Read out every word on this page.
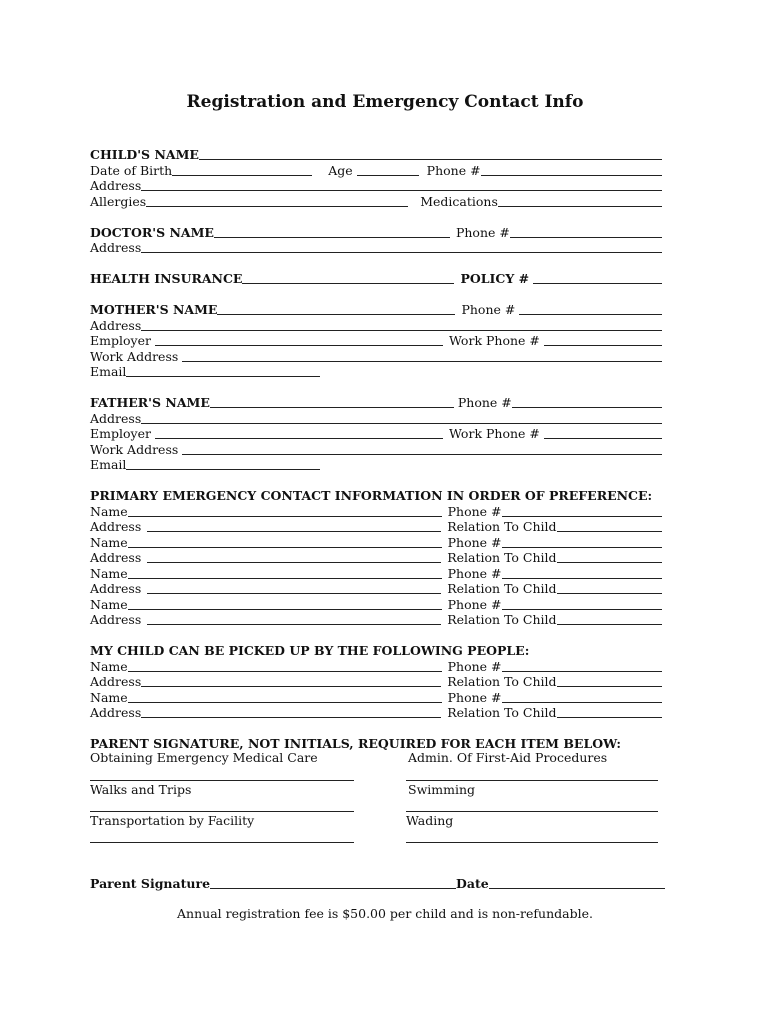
Registration and Emergency Contact Info
CHILD'S NAME
Date of Birth	Age	Phone #
Address
Allergies	Medications
DOCTOR'S NAME	Phone #
Address
HEALTH INSURANCE	POLICY #
MOTHER'S NAME	Phone #
Address
Employer	Work Phone #
Work Address
Email
FATHER'S NAME	Phone #
Address
Employer	Work Phone #
Work Address
Email
PRIMARY EMERGENCY CONTACT INFORMATION IN ORDER OF PREFERENCE:
Name	Phone #
Address	Relation To Child
Name	Phone #
Address	Relation To Child
Name	Phone #
Address	Relation To Child
Name	Phone #
Address	Relation To Child
MY CHILD CAN BE PICKED UP BY THE FOLLOWING PEOPLE:
Name	Phone #
Address	Relation To Child
Name	Phone #
Address	Relation To Child
PARENT SIGNATURE, NOT INITIALS, REQUIRED FOR EACH ITEM BELOW:
Obtaining Emergency Medical Care	Admin. Of First-Aid Procedures
Walks and Trips	Swimming
Transportation by Facility	Wading
Parent Signature	Date
Annual registration fee is $50.00 per child and is non-refundable.
